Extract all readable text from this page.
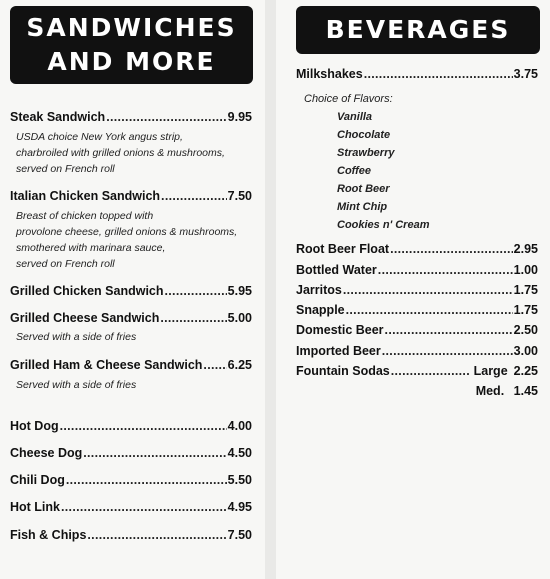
SANDWICHES
AND MORE
Steak Sandwich .....	9.95
USDA choice New York angus strip,
charbroiled with grilled onions & mushrooms,
served on French roll
Italian Chicken Sandwich .....	7.50
Breast of chicken topped with
provolone cheese, grilled onions & mushrooms,
smothered with marinara sauce,
served on French roll
Grilled Chicken Sandwich .....	5.95
Grilled Cheese Sandwich .....	5.00
Served with a side of fries
Grilled Ham & Cheese Sandwich ..... 6.25
Served with a side of fries
Hot Dog .....	4.00
Cheese Dog .....	4.50
Chili Dog .....	5.50
Hot Link .....	4.95
Fish & Chips .....	7.50
BEVERAGES
Milkshakes .....	3.75
Choice of Flavors:
Vanilla
Chocolate
Strawberry
Coffee
Root Beer
Mint Chip
Cookies n' Cream
Root Beer Float .....	2.95
Bottled Water .....	1.00
Jarritos .....	1.75
Snapple .....	1.75
Domestic Beer .....	2.50
Imported Beer .....	3.00
Fountain Sodas .....	Large 2.25
Med. 1.45
